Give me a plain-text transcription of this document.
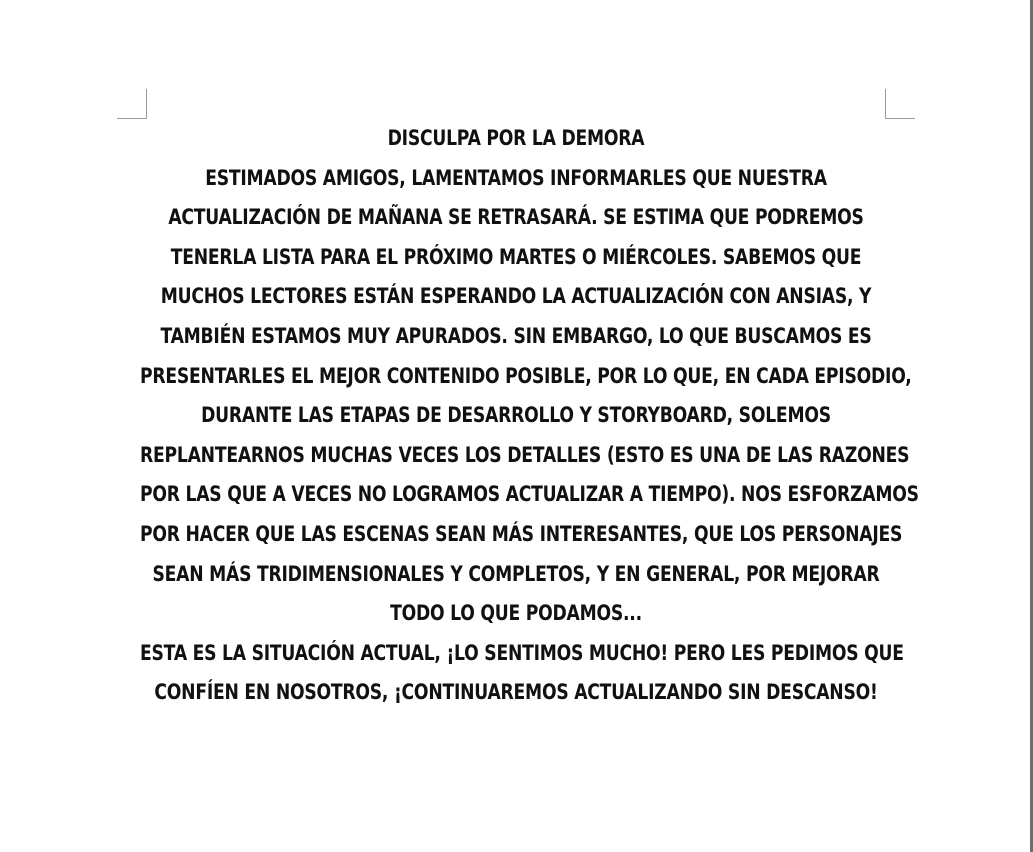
DISCULPA POR LA DEMORA
ESTIMADOS AMIGOS, LAMENTAMOS INFORMARLES QUE NUESTRA
ACTUALIZACIÓN DE MAÑANA SE RETRASARÁ. SE ESTIMA QUE PODREMOS
TENERLA LISTA PARA EL PRÓXIMO MARTES O MIÉRCOLES. SABEMOS QUE
MUCHOS LECTORES ESTÁN ESPERANDO LA ACTUALIZACIÓN CON ANSIAS, Y
TAMBIÉN ESTAMOS MUY APURADOS. SIN EMBARGO, LO QUE BUSCAMOS ES
PRESENTARLES EL MEJOR CONTENIDO POSIBLE, POR LO QUE, EN CADA EPISODIO,
DURANTE LAS ETAPAS DE DESARROLLO Y STORYBOARD, SOLEMOS
REPLANTEARNOS MUCHAS VECES LOS DETALLES (ESTO ES UNA DE LAS RAZONES
POR LAS QUE A VECES NO LOGRAMOS ACTUALIZAR A TIEMPO). NOS ESFORZAMOS
POR HACER QUE LAS ESCENAS SEAN MÁS INTERESANTES, QUE LOS PERSONAJES
SEAN MÁS TRIDIMENSIONALES Y COMPLETOS, Y EN GENERAL, POR MEJORAR
TODO LO QUE PODAMOS...
ESTA ES LA SITUACIÓN ACTUAL, ¡LO SENTIMOS MUCHO! PERO LES PEDIMOS QUE
CONFÍEN EN NOSOTROS, ¡CONTINUAREMOS ACTUALIZANDO SIN DESCANSO!
